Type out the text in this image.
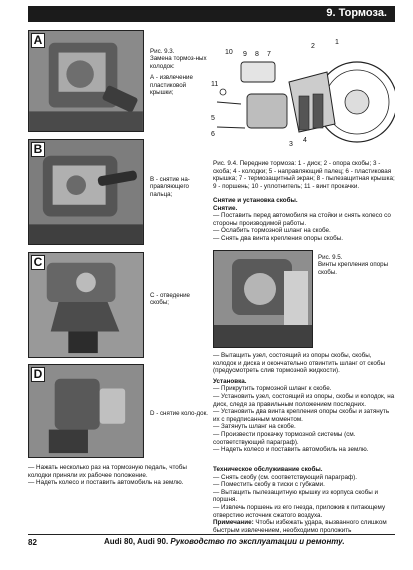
9. Тормоза.
A
Рис. 9.3.
Замена тормоз-ных колодок:
А - извлечение пластиковой крышки;
B
В - снятие на-правляющего пальца;
C
С - отведение скобы;
D
D - снятие коло-док.

— Нажать несколько раз на тормозную педаль, чтобы колодки приняли их рабочее положение.

— Надеть колесо и поставить автомобиль на землю.

10 9 8 7
2
1
3
4
5
6
11

Рис. 9.4. Передние тормоза: 1 - диск; 2 - опора скобы; 3 - скоба; 4 - колодки; 5 - направляющий палец; 6 - пластиковая крышка; 7 - термозащитный экран; 8 - пылезащитная крышка; 9 - поршень; 10 - уплотнитель; 11 - винт прокачки.

Снятие и установка скобы.

Снятие.

— Поставить перед автомобиля на стойки и снять колесо со стороны производимой работы.

— Ослабить тормозной шланг на скобе.

— Снять два винта крепления опоры скобы.

Рис. 9.5.
Винты крепления опоры скобы.

— Вытащить узел, состоящий из опоры скобы, скобы, колодок и диска и окончательно отвинтить шланг от скобы (предусмотреть слив тормозной жидкости).

Установка.

— Прикрутить тормозной шланг к скобе.

— Установить узел, состоящий из опоры, скобы и колодок, на диск, следя за правильным положением последних.

— Установить два винта крепления опоры скобы и затянуть их с предписанным моментом.

— Затянуть шланг на скобе.

— Произвести прокачку тормозной системы (см. соответствующий параграф).

— Надеть колесо и поставить автомобиль на землю.

Техническое обслуживание скобы.

— Снять скобу (см. соответствующий параграф).

— Поместить скобу в тиски с губками.

— Вытащить пылезащитную крышку из корпуса скобы и поршня.

— Извлечь поршень из его гнезда, приложив к питающему отверстию источник сжатого воздуха.

Примечание: Чтобы избежать удара, вызванного слишком быстрым извлечением, необходимо проложить

82	Audi 80, Audi 90. Руководство по эксплуатации и ремонту.
